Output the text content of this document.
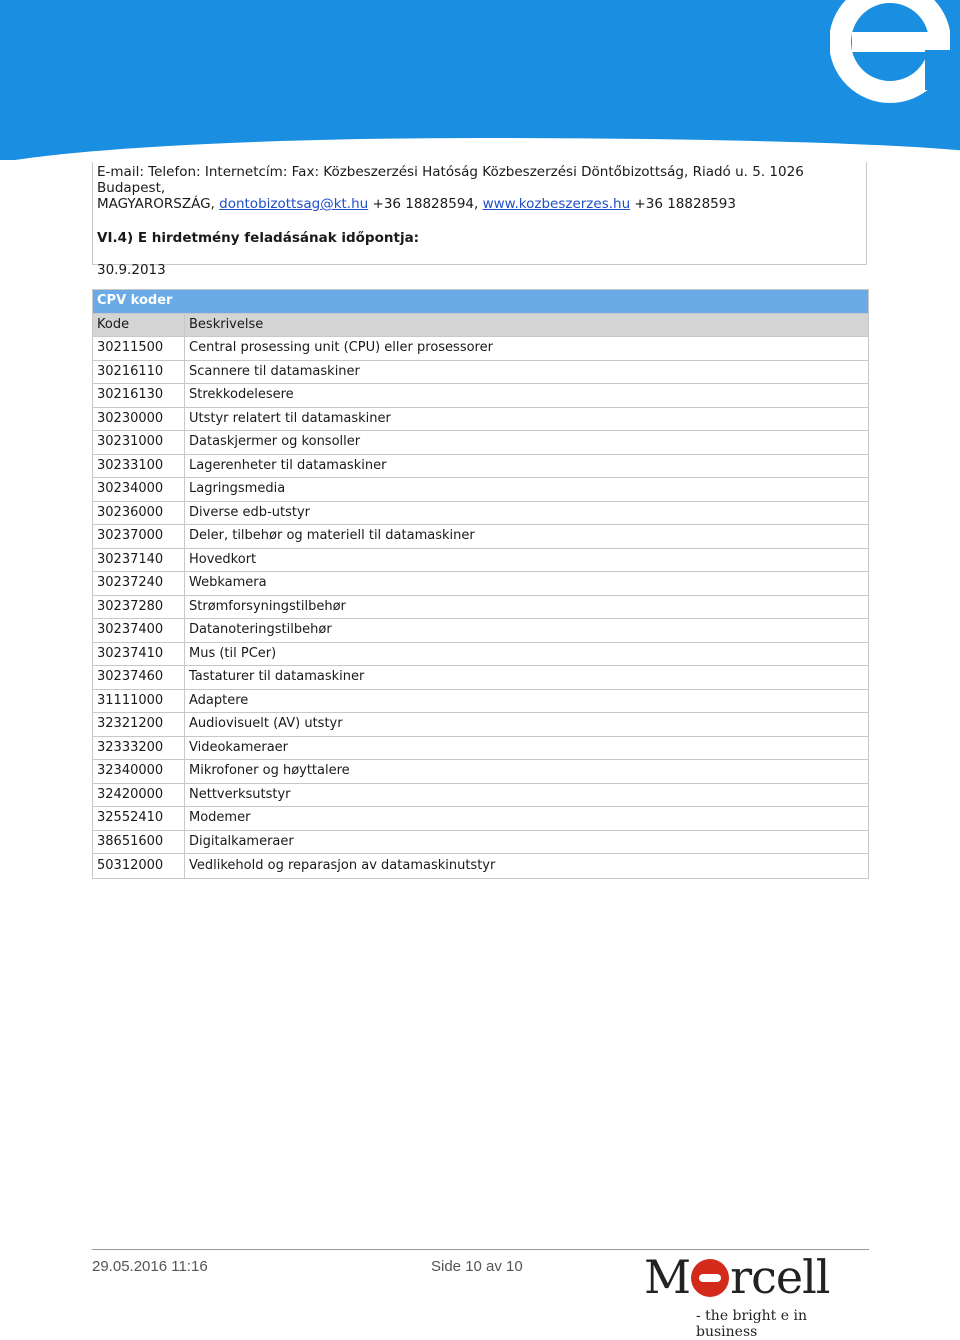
E-mail: Telefon: Internetcím: Fax: Közbeszerzési Hatóság Közbeszerzési Döntőbizottság, Riadó u. 5. 1026 Budapest,
MAGYARORSZÁG, dontobizottsag@kt.hu +36 18828594, www.kozbeszerzes.hu +36 18828593
VI.4) E hirdetmény feladásának időpontja:
30.9.2013
CPV koder	
Kode	Beskrivelse
30211500	Central prosessing unit (CPU) eller prosessorer
30216110	Scannere til datamaskiner
30216130	Strekkodelesere
30230000	Utstyr relatert til datamaskiner
30231000	Dataskjermer og konsoller
30233100	Lagerenheter til datamaskiner
30234000	Lagringsmedia
30236000	Diverse edb-utstyr
30237000	Deler, tilbehør og materiell til datamaskiner
30237140	Hovedkort
30237240	Webkamera
30237280	Strømforsyningstilbehør
30237400	Datanoteringstilbehør
30237410	Mus (til PCer)
30237460	Tastaturer til datamaskiner
31111000	Adaptere
32321200	Audiovisuelt (AV) utstyr
32333200	Videokameraer
32340000	Mikrofoner og høyttalere
32420000	Nettverksutstyr
32552410	Modemer
38651600	Digitalkameraer
50312000	Vedlikehold og reparasjon av datamaskinutstyr
29.05.2016 11:16	Side 10 av 10	M rcell
- the bright e in business
